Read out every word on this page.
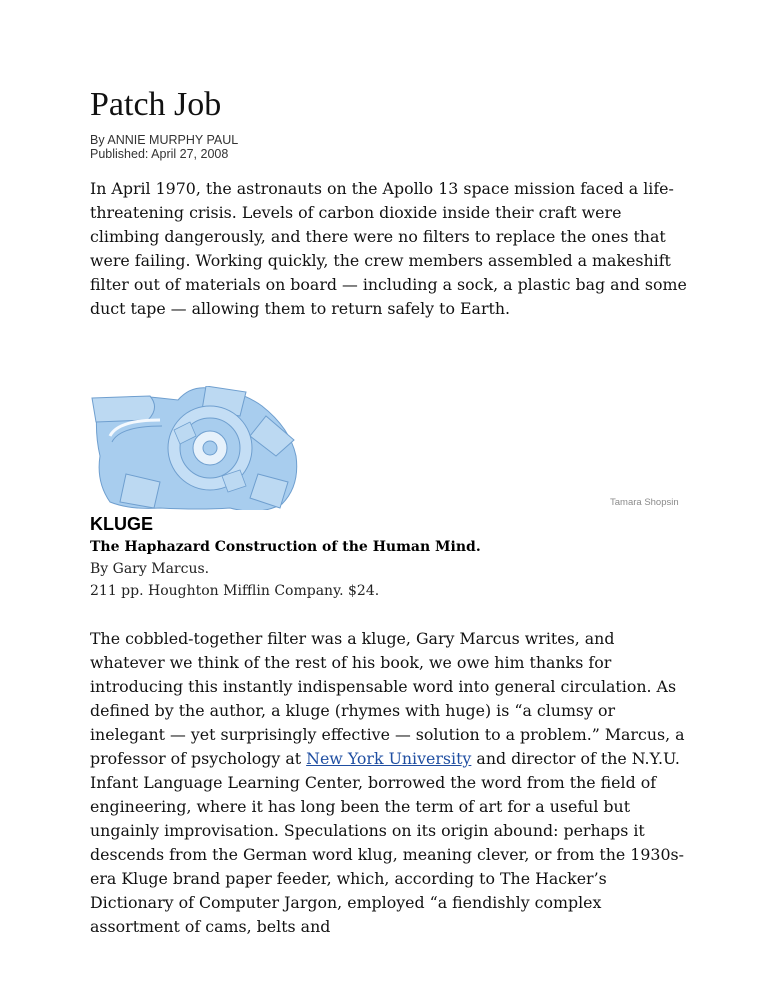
Patch Job
By ANNIE MURPHY PAUL
Published: April 27, 2008

In April 1970, the astronauts on the Apollo 13 space mission faced a life-threatening crisis. Levels of carbon dioxide inside their craft were climbing dangerously, and there were no filters to replace the ones that were failing. Working quickly, the crew members assembled a makeshift filter out of materials on board — including a sock, a plastic bag and some duct tape — allowing them to return safely to Earth.

Tamara Shopsin
KLUGE
The Haphazard Construction of the Human Mind.
By Gary Marcus.
211 pp. Houghton Mifflin Company. $24.

The cobbled-together filter was a kluge, Gary Marcus writes, and whatever we think of the rest of his book, we owe him thanks for introducing this instantly indispensable word into general circulation. As defined by the author, a kluge (rhymes with huge) is “a clumsy or inelegant — yet surprisingly effective — solution to a problem.” Marcus, a professor of psychology at New York University and director of the N.Y.U. Infant Language Learning Center, borrowed the word from the field of engineering, where it has long been the term of art for a useful but ungainly improvisation. Speculations on its origin abound: perhaps it descends from the German word klug, meaning clever, or from the 1930s-era Kluge brand paper feeder, which, according to The Hacker’s Dictionary of Computer Jargon, employed “a fiendishly complex assortment of cams, belts and
